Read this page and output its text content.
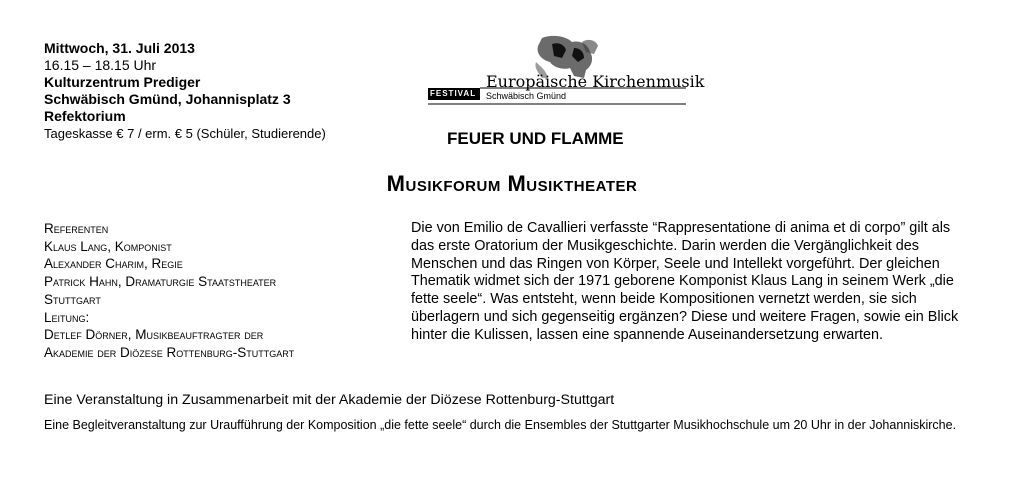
Mittwoch, 31. Juli 2013
16.15 – 18.15 Uhr
Kulturzentrum Prediger
Schwäbisch Gmünd, Johannisplatz 3
Refektorium
Tageskasse € 7 / erm. € 5 (Schüler, Studierende)
Europäische Kirchenmusik
FESTIVAL Schwäbisch Gmünd
FEUER UND FLAMME
Musikforum Musiktheater
Referenten
Klaus Lang, Komponist
Alexander Charim, Regie
Patrick Hahn, Dramaturgie Staatstheater
Stuttgart
Leitung:
Detlef Dörner, Musikbeauftragter der
Akademie der Diözese Rottenburg-Stuttgart
Die von Emilio de Cavallieri verfasste “Rappresentatione di anima et di corpo” gilt als das erste Oratorium der Musikgeschichte. Darin werden die Vergänglichkeit des Menschen und das Ringen von Körper, Seele und Intellekt vorgeführt. Der gleichen Thematik widmet sich der 1971 geborene Komponist Klaus Lang in seinem Werk „die fette seele“. Was entsteht, wenn beide Kompositionen vernetzt werden, sie sich überlagern und sich gegenseitig ergänzen? Diese und weitere Fragen, sowie ein Blick hinter die Kulissen, lassen eine spannende Auseinandersetzung erwarten.
Eine Veranstaltung in Zusammenarbeit mit der Akademie der Diözese Rottenburg-Stuttgart
Eine Begleitveranstaltung zur Uraufführung der Komposition „die fette seele“ durch die Ensembles der Stuttgarter Musikhochschule um 20 Uhr in der Johanniskirche.
